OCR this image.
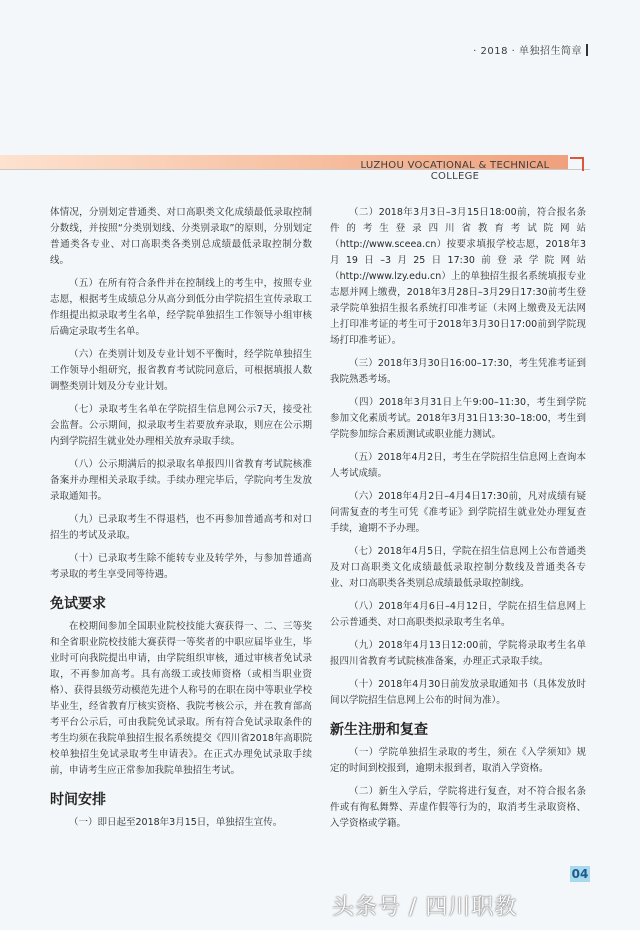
· 2018 · 单独招生简章
LUZHOU VOCATIONAL & TECHNICAL COLLEGE

体情况，分别划定普通类、对口高职类文化成绩最低录取控制分数线，并按照“分类别划线、分类别录取”的原则，分别划定普通类各专业、对口高职类各类别总成绩最低录取控制分数线。

（五）在所有符合条件并在控制线上的考生中，按照专业志愿，根据考生成绩总分从高分到低分由学院招生宣传录取工作组提出拟录取考生名单，经学院单独招生工作领导小组审核后确定录取考生名单。

（六）在类别计划及专业计划不平衡时，经学院单独招生工作领导小组研究，报省教育考试院同意后，可根据填报人数调整类别计划及分专业计划。

（七）录取考生名单在学院招生信息网公示7天，接受社会监督。公示期间，拟录取考生若要放弃录取，则应在公示期内到学院招生就业处办理相关放弃录取手续。

（八）公示期满后的拟录取名单报四川省教育考试院核准备案并办理相关录取手续。手续办理完毕后，学院向考生发放录取通知书。

（九）已录取考生不得退档，也不再参加普通高考和对口招生的考试及录取。

（十）已录取考生除不能转专业及转学外，与参加普通高考录取的考生享受同等待遇。

免试要求

在校期间参加全国职业院校技能大赛获得一、二、三等奖和全省职业院校技能大赛获得一等奖者的中职应届毕业生，毕业时可向我院提出申请，由学院组织审核，通过审核者免试录取，不再参加高考。具有高级工或技师资格（或相当职业资格）、获得县级劳动模范先进个人称号的在职在岗中等职业学校毕业生，经省教育厅核实资格、我院考核公示，并在教育部高考平台公示后，可由我院免试录取。所有符合免试录取条件的考生均须在我院单独招生报名系统提交《四川省2018年高职院校单独招生免试录取考生申请表》。在正式办理免试录取手续前，申请考生应正常参加我院单独招生考试。

时间安排

（一）即日起至2018年3月15日，单独招生宣传。

（二）2018年3月3日–3月15日18:00前，符合报名条件的考生登录四川省教育考试院网站（http://www.sceea.cn）按要求填报学校志愿，2018年3月19日–3月25日17:30前登录学院网站（http://www.lzy.edu.cn）上的单独招生报名系统填报专业志愿并网上缴费，2018年3月28日–3月29日17:30前考生登录学院单独招生报名系统打印准考证（未网上缴费及无法网上打印准考证的考生可于2018年3月30日17:00前到学院现场打印准考证）。

（三）2018年3月30日16:00–17:30，考生凭准考证到我院熟悉考场。

（四）2018年3月31日上午9:00–11:30，考生到学院参加文化素质考试。2018年3月31日13:30–18:00，考生到学院参加综合素质测试或职业能力测试。

（五）2018年4月2日，考生在学院招生信息网上查询本人考试成绩。

（六）2018年4月2日–4月4日17:30前，凡对成绩有疑问需复查的考生可凭《准考证》到学院招生就业处办理复查手续，逾期不予办理。

（七）2018年4月5日，学院在招生信息网上公布普通类及对口高职类文化成绩最低录取控制分数线及普通类各专业、对口高职类各类别总成绩最低录取控制线。

（八）2018年4月6日–4月12日，学院在招生信息网上公示普通类、对口高职类拟录取考生名单。

（九）2018年4月13日12:00前，学院将录取考生名单报四川省教育考试院核准备案，办理正式录取手续。

（十）2018年4月30日前发放录取通知书（具体发放时间以学院招生信息网上公布的时间为准）。

新生注册和复查

（一）学院单独招生录取的考生，须在《入学须知》规定的时间到校报到，逾期未报到者，取消入学资格。

（二）新生入学后，学院将进行复查，对不符合报名条件或有徇私舞弊、弄虚作假等行为的，取消考生录取资格、入学资格或学籍。

04
头条号 / 四川职教
